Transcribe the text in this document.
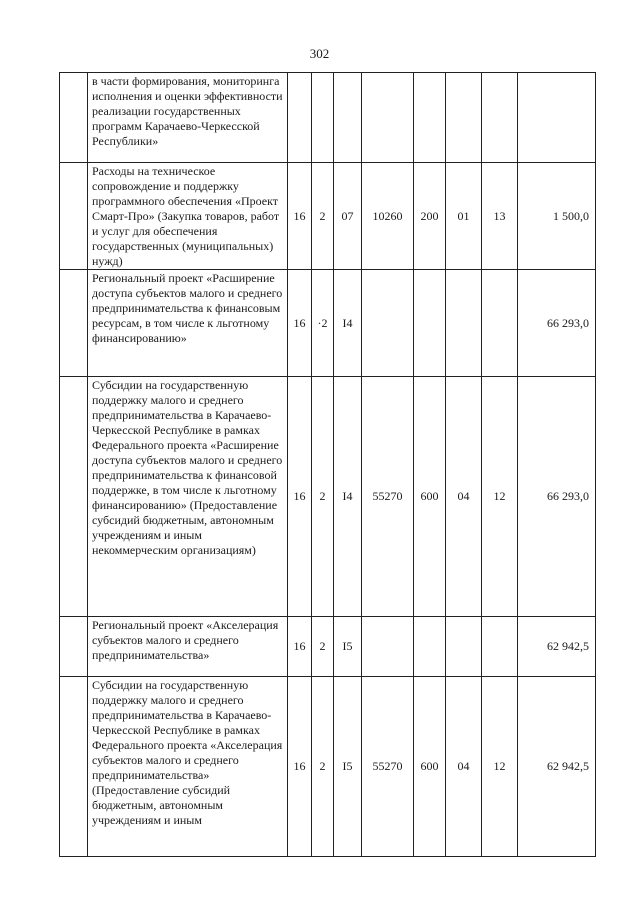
302
	в части формирования, мониторинга исполнения и оценки эффективности реализации государственных программ Карачаево-Черкесской Республики»								
	Расходы на техническое сопровождение и поддержку программного обеспечения «Проект Смарт-Про» (Закупка товаров, работ и услуг для обеспечения государственных (муниципальных) нужд)	16	2	07	10260	200	01	13	1 500,0
	Региональный проект «Расширение доступа субъектов малого и среднего предпринимательства к финансовым ресурсам, в том числе к льготному финансированию»	16	·2	I4					66 293,0
	Субсидии на государственную поддержку малого и среднего предпринимательства в Карачаево-Черкесской Республике в рамках Федерального проекта «Расширение доступа субъектов малого и среднего предпринимательства к финансовой поддержке, в том числе к льготному финансированию» (Предоставление субсидий бюджетным, автономным учреждениям и иным некоммерческим организациям)	16	2	I4	55270	600	04	12	66 293,0
	Региональный проект «Акселерация субъектов малого и среднего предпринимательства»	16	2	I5					62 942,5
	Субсидии на государственную поддержку малого и среднего предпринимательства в Карачаево-Черкесской Республике в рамках Федерального проекта «Акселерация субъектов малого и среднего предпринимательства» (Предоставление субсидий бюджетным, автономным учреждениям и иным	16	2	I5	55270	600	04	12	62 942,5
